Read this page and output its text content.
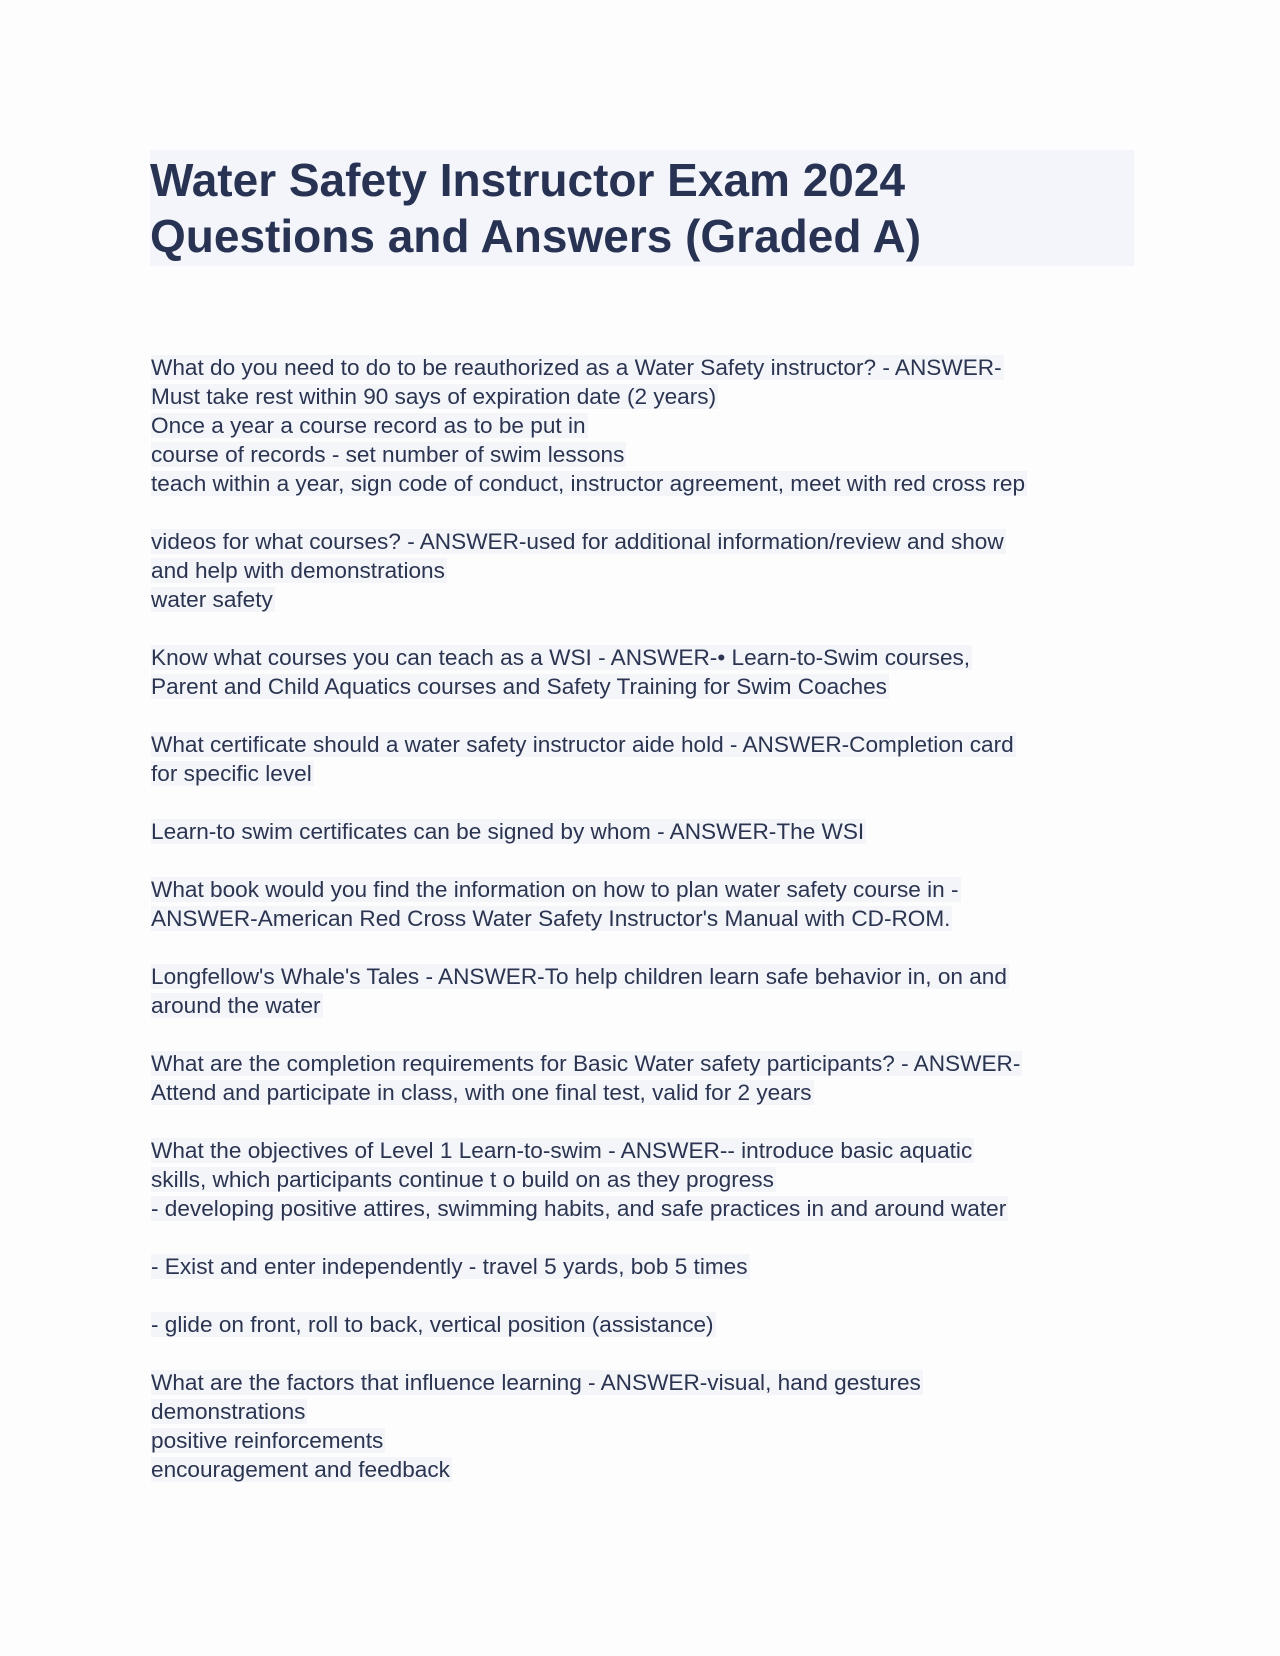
Water Safety Instructor Exam 2024
Questions and Answers (Graded A)
What do you need to do to be reauthorized as a Water Safety instructor? - ANSWER-
Must take rest within 90 says of expiration date (2 years)
Once a year a course record as to be put in
course of records - set number of swim lessons
teach within a year, sign code of conduct, instructor agreement, meet with red cross rep
videos for what courses? - ANSWER-used for additional information/review and show
and help with demonstrations
water safety
Know what courses you can teach as a WSI - ANSWER-• Learn-to-Swim courses,
Parent and Child Aquatics courses and Safety Training for Swim Coaches
What certificate should a water safety instructor aide hold - ANSWER-Completion card
for specific level
Learn-to swim certificates can be signed by whom - ANSWER-The WSI
What book would you find the information on how to plan water safety course in -
ANSWER-American Red Cross Water Safety Instructor's Manual with CD-ROM.
Longfellow's Whale's Tales - ANSWER-To help children learn safe behavior in, on and
around the water
What are the completion requirements for Basic Water safety participants? - ANSWER-
Attend and participate in class, with one final test, valid for 2 years
What the objectives of Level 1 Learn-to-swim - ANSWER-- introduce basic aquatic
skills, which participants continue t o build on as they progress
- developing positive attires, swimming habits, and safe practices in and around water
- Exist and enter independently - travel 5 yards, bob 5 times
- glide on front, roll to back, vertical position (assistance)
What are the factors that influence learning - ANSWER-visual, hand gestures
demonstrations
positive reinforcements
encouragement and feedback
